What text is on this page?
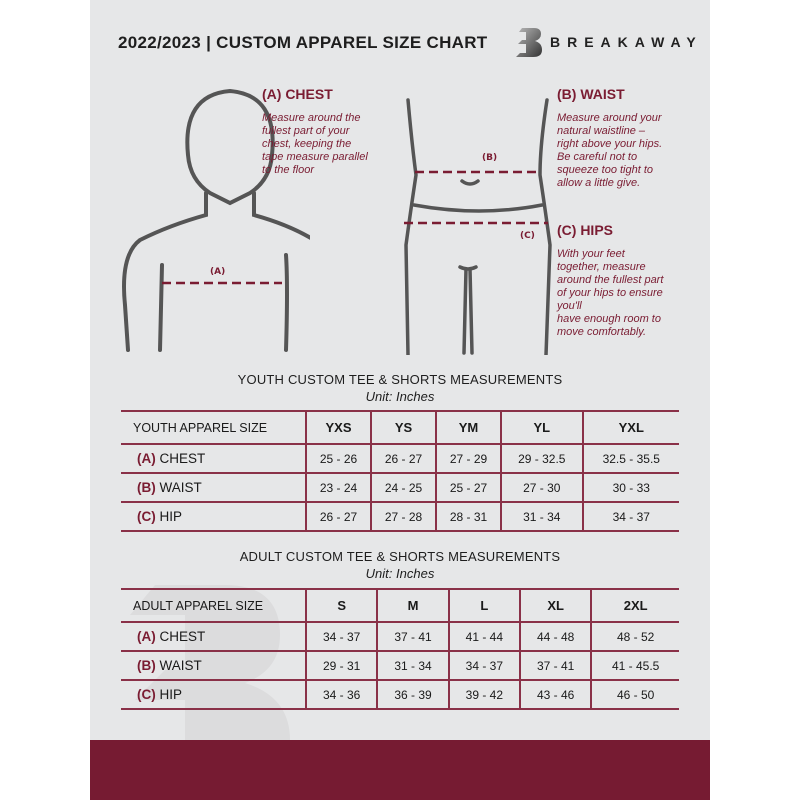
2022/2023 | CUSTOM APPAREL SIZE CHART	BREAKAWAY
(A)
(A) CHEST
Measure around the
fullest part of your
chest, keeping the
tape measure parallel
to the floor
(B)
(C)
(B) WAIST
Measure around your
natural waistline –
right above your hips.
Be careful not to
squeeze too tight to
allow a little give.
(C) HIPS
With your feet
together, measure
around the fullest part
of your hips to ensure
you'll
have enough room to
move comfortably.
YOUTH CUSTOM TEE & SHORTS MEASUREMENTS
Unit: Inches
YOUTH APPAREL SIZE	YXS	YS	YM	YL	YXL
(A) CHEST	25 - 26	26 - 27	27 - 29	29 - 32.5	32.5 - 35.5
(B) WAIST	23 - 24	24 - 25	25 - 27	27 - 30	30 - 33
(C) HIP	26 - 27	27 - 28	28 - 31	31 - 34	34 - 37
ADULT CUSTOM TEE & SHORTS MEASUREMENTS
Unit: Inches
ADULT APPAREL SIZE	S	M	L	XL	2XL
(A) CHEST	34 - 37	37 - 41	41 - 44	44 - 48	48 - 52
(B) WAIST	29 - 31	31 - 34	34 - 37	37 - 41	41 - 45.5
(C) HIP	34 - 36	36 - 39	39 - 42	43 - 46	46 - 50
